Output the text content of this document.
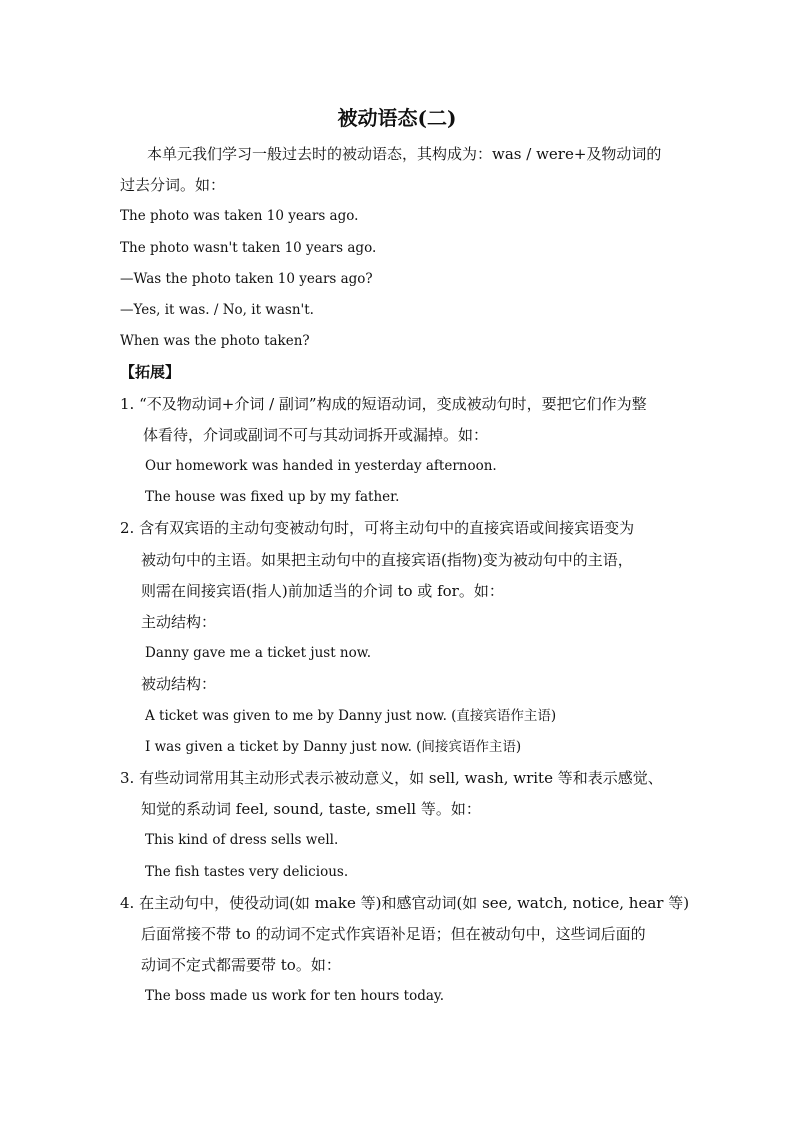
被动语态(二)
本单元我们学习一般过去时的被动语态，其构成为：was / were+及物动词的
过去分词。如：
The photo was taken 10 years ago.
The photo wasn't taken 10 years ago.
—Was the photo taken 10 years ago?
—Yes, it was. / No, it wasn't.
When was the photo taken?
【拓展】
1. “不及物动词+介词 / 副词”构成的短语动词，变成被动句时，要把它们作为整
体看待，介词或副词不可与其动词拆开或漏掉。如：
Our homework was handed in yesterday afternoon.
The house was fixed up by my father.
2. 含有双宾语的主动句变被动句时，可将主动句中的直接宾语或间接宾语变为
被动句中的主语。如果把主动句中的直接宾语(指物)变为被动句中的主语，
则需在间接宾语(指人)前加适当的介词 to 或 for。如：
主动结构：
Danny gave me a ticket just now.
被动结构：
A ticket was given to me by Danny just now. (直接宾语作主语)
I was given a ticket by Danny just now. (间接宾语作主语)
3. 有些动词常用其主动形式表示被动意义，如 sell, wash, write 等和表示感觉、
知觉的系动词 feel, sound, taste, smell 等。如：
This kind of dress sells well.
The fish tastes very delicious.
4. 在主动句中，使役动词(如 make 等)和感官动词(如 see, watch, notice, hear 等)
后面常接不带 to 的动词不定式作宾语补足语；但在被动句中，这些词后面的
动词不定式都需要带 to。如：
The boss made us work for ten hours today.
